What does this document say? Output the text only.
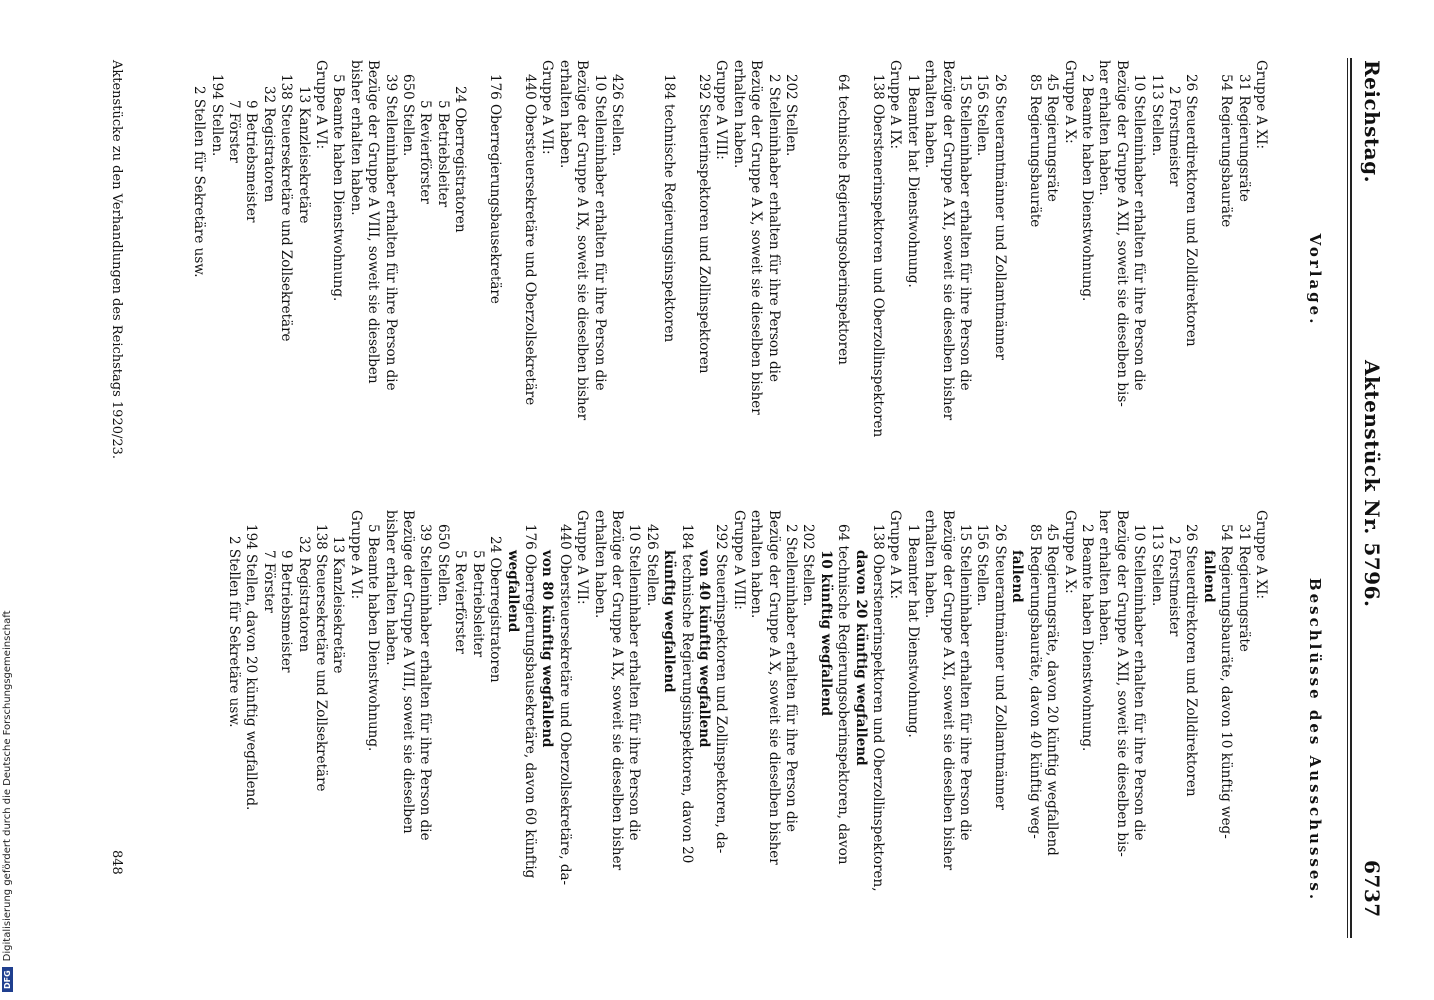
Reichstag.
Aktenstück Nr. 5796.
6737
Vorlage.
Beschlüsse des Ausschusses.
Gruppe A XI:
31 Regierungsräte
54 Regierungsbauräte

26 Steuerdirektoren und Zolldirektoren
2 Forstmeister
113 Stellen.
10 Stelleninhaber erhalten für ihre Person die
Bezüge der Gruppe A XII, soweit sie dieselben bis-
her erhalten haben.
2 Beamte haben Dienstwohnung.
Gruppe A X:
45 Regierungsräte
85 Regierungsbauräte

26 Steueramtmänner und Zollamtmänner
156 Stellen.
15 Stelleninhaber erhalten für ihre Person die
Bezüge der Gruppe A XI, soweit sie dieselben bisher
erhalten haben.
1 Beamter hat Dienstwohnung.
Gruppe A IX:
138 Oberstenerinspektoren und Oberzollinspektoren

64 technische Regierungsoberinspektoren

202 Stellen.
2 Stelleninhaber erhalten für ihre Person die
Bezüge der Gruppe A X, soweit sie dieselben bisher
erhalten haben.
Gruppe A VIII:
292 Steuerinspektoren und Zollinspektoren

184 technische Regierungsinspektoren

426 Stellen.
10 Stelleninhaber erhalten für ihre Person die
Bezüge der Gruppe A IX, soweit sie dieselben bisher
erhalten haben.
Gruppe A VII:
440 Obersteuersekretäre und Oberzollsekretäre

176 Oberregierungsbausekretäre

24 Oberregistratoren
5 Betriebsleiter
5 Revierförster
650 Stellen.
39 Stelleninhaber erhalten für ihre Person die
Bezüge der Gruppe A VIII, soweit sie dieselben
bisher erhalten haben.
5 Beamte haben Dienstwohnung.
Gruppe A VI:
13 Kanzleisekretäre
138 Steuersekretäre und Zollsekretäre
32 Registratoren
9 Betriebsmeister
7 Förster
194 Stellen.
2 Stellen für Sekretäre usw.
Gruppe A XI:
31 Regierungsräte
54 Regierungsbauräte, davon 10 künftig weg-
fallend
26 Steuerdirektoren und Zolldirektoren
2 Forstmeister
113 Stellen.
10 Stelleninhaber erhalten für ihre Person die
Bezüge der Gruppe A XII, soweit sie dieselben bis-
her erhalten haben.
2 Beamte haben Dienstwohnung.
Gruppe A X:
45 Regierungsräte, davon 20 künftig wegfallend
85 Regierungsbauräte, davon 40 künftig weg-
fallend
26 Steueramtmänner und Zollamtmänner
156 Stellen.
15 Stelleninhaber erhalten für ihre Person die
Bezüge der Gruppe A XI, soweit sie dieselben bisher
erhalten haben.
1 Beamter hat Dienstwohnung.
Gruppe A IX:
138 Oberstenerinspektoren und Oberzollinspektoren,
davon 20 künftig wegfallend
64 technische Regierungsoberinspektoren, davon
10 künftig wegfallend
202 Stellen.
2 Stelleninhaber erhalten für ihre Person die
Bezüge der Gruppe A X, soweit sie dieselben bisher
erhalten haben.
Gruppe A VIII:
292 Steuerinspektoren und Zollinspektoren, da-
von 40 künftig wegfallend
184 technische Regierungsinspektoren, davon 20
künftig wegfallend
426 Stellen.
10 Stelleninhaber erhalten für ihre Person die
Bezüge der Gruppe A IX, soweit sie dieselben bisher
erhalten haben.
Gruppe A VII:
440 Obersteuersekretäre und Oberzollsekretäre, da-
von 80 künftig wegfallend
176 Oberregierungsbausekretäre, davon 60 künftig
wegfallend
24 Oberregistratoren
5 Betriebsleiter
5 Revierförster
650 Stellen.
39 Stelleninhaber erhalten für ihre Person die
Bezüge der Gruppe A VIII, soweit sie dieselben
bisher erhalten haben.
5 Beamte haben Dienstwohnung.
Gruppe A VI:
13 Kanzleisekretäre
138 Steuersekretäre und Zollsekretäre
32 Registratoren
9 Betriebsmeister
7 Förster
194 Stellen, davon 20 künftig wegfallend.
2 Stellen für Sekretäre usw.
Aktenstücke zu den Verhandlungen des Reichstags 1920/23.
848
DFGDigitalisierung gefördert durch die Deutsche Forschungsgemeinschaft
